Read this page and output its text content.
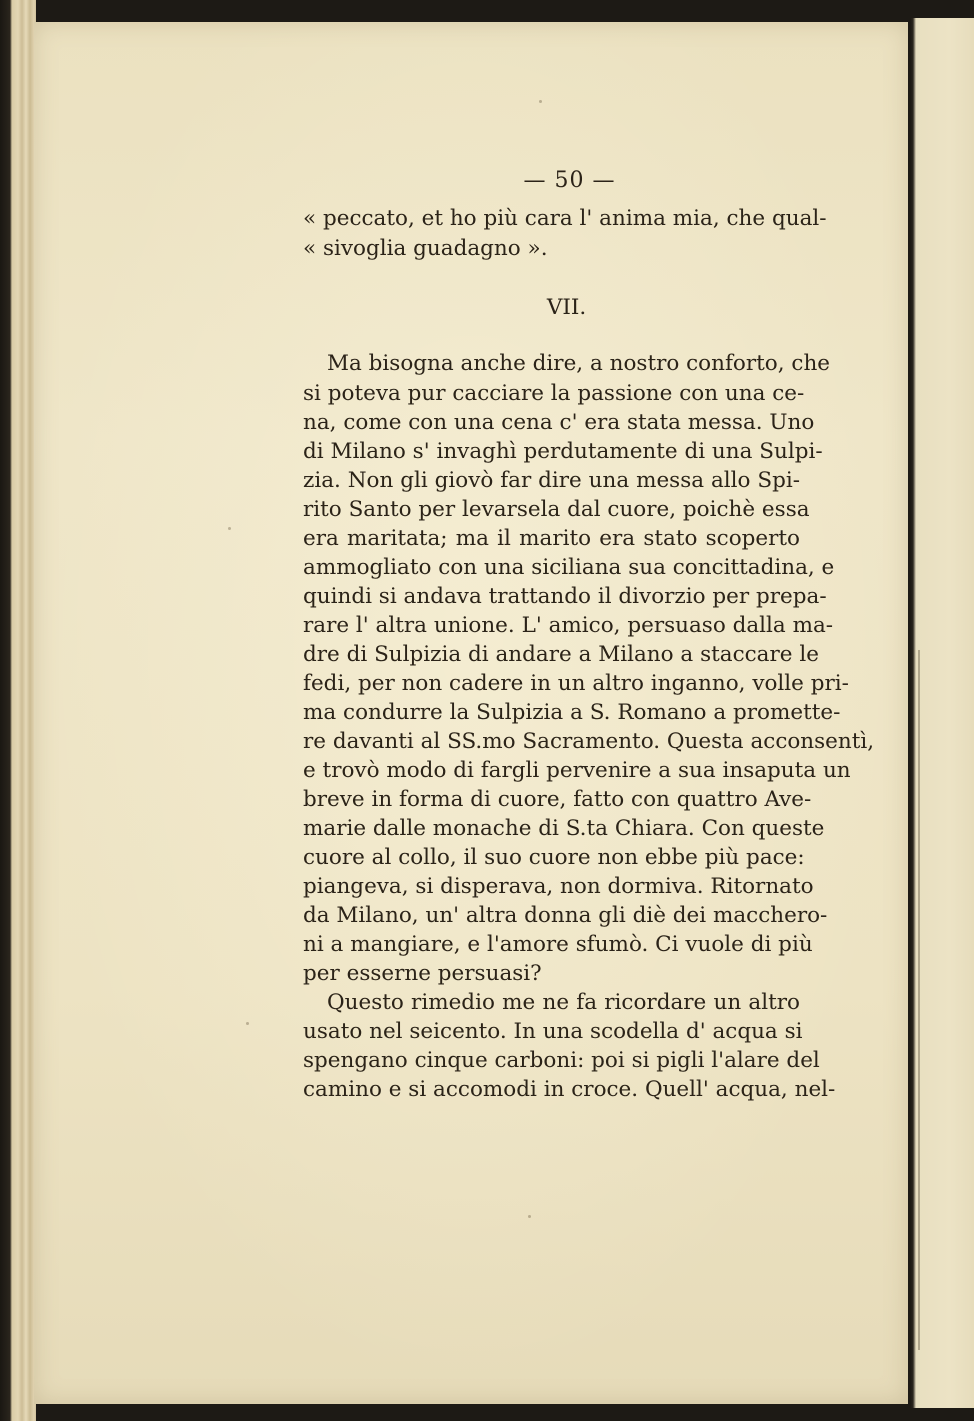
— 50 —
« peccato, et ho più cara l' anima mia, che qual-
« sivoglia guadagno ».
VII.
Ma bisogna anche dire, a nostro conforto, che
si poteva pur cacciare la passione con una ce-
na, come con una cena c' era stata messa. Uno
di Milano s' invaghì perdutamente di una Sulpi-
zia. Non gli giovò far dire una messa allo Spi-
rito Santo per levarsela dal cuore, poichè essa
era maritata; ma il marito era stato scoperto
ammogliato con una siciliana sua concittadina, e
quindi si andava trattando il divorzio per prepa-
rare l' altra unione. L' amico, persuaso dalla ma-
dre di Sulpizia di andare a Milano a staccare le
fedi, per non cadere in un altro inganno, volle pri-
ma condurre la Sulpizia a S. Romano a promette-
re davanti al SS.mo Sacramento. Questa acconsentì,
e trovò modo di fargli pervenire a sua insaputa un
breve in forma di cuore, fatto con quattro Ave-
marie dalle monache di S.ta Chiara. Con queste
cuore al collo, il suo cuore non ebbe più pace:
piangeva, si disperava, non dormiva. Ritornato
da Milano, un' altra donna gli diè dei macchero-
ni a mangiare, e l'amore sfumò. Ci vuole di più
per esserne persuasi?
Questo rimedio me ne fa ricordare un altro
usato nel seicento. In una scodella d' acqua si
spengano cinque carboni: poi si pigli l'alare del
camino e si accomodi in croce. Quell' acqua, nel-
